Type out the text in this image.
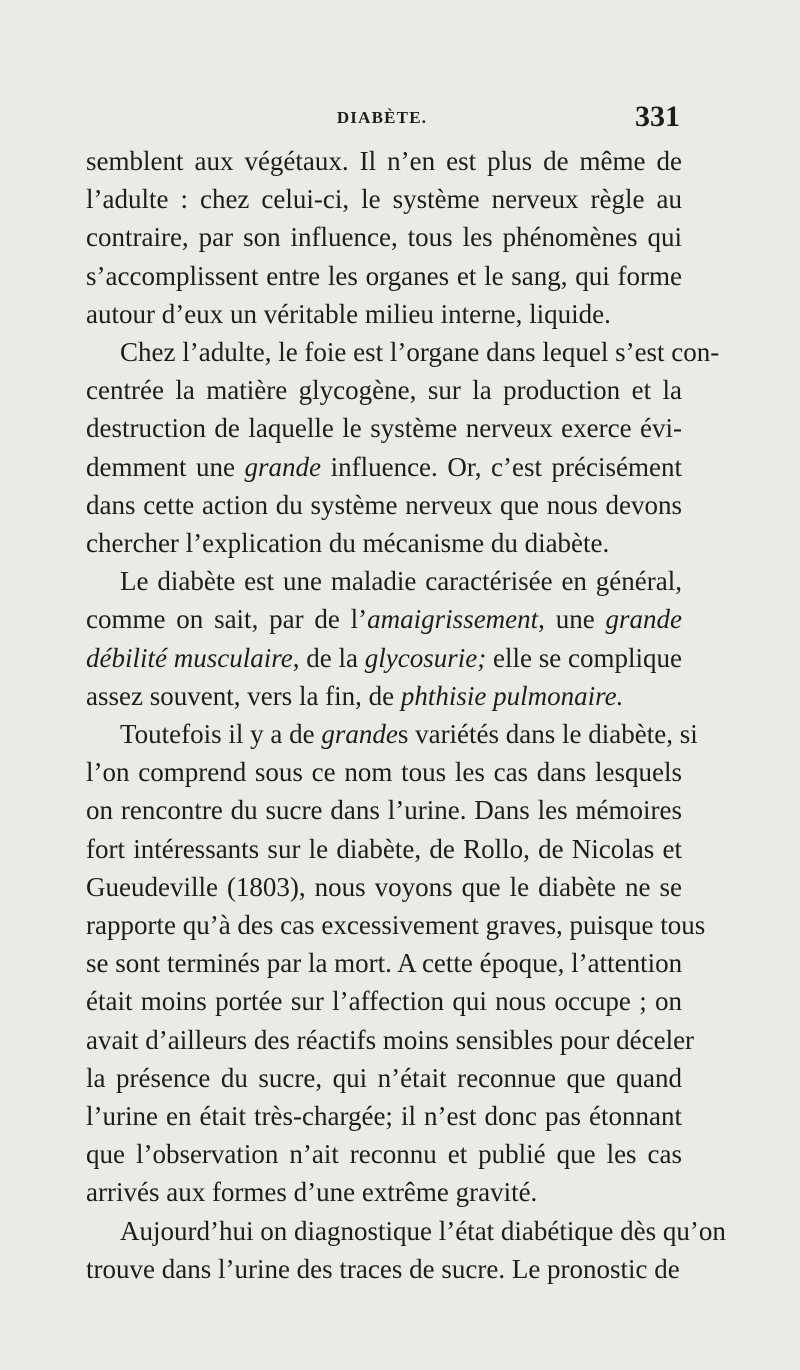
DIABÈTE.	331
semblent aux végétaux. Il n’en est plus de même de
l’adulte : chez celui-ci, le système nerveux règle au
contraire, par son influence, tous les phénomènes qui
s’accomplissent entre les organes et le sang, qui forme
autour d’eux un véritable milieu interne, liquide.
Chez l’adulte, le foie est l’organe dans lequel s’est con-
centrée la matière glycogène, sur la production et la
destruction de laquelle le système nerveux exerce évi-
demment une grande influence. Or, c’est précisément
dans cette action du système nerveux que nous devons
chercher l’explication du mécanisme du diabète.
Le diabète est une maladie caractérisée en général,
comme on sait, par de l’amaigrissement, une grande
débilité musculaire, de la glycosurie; elle se complique
assez souvent, vers la fin, de phthisie pulmonaire.
Toutefois il y a de grandes variétés dans le diabète, si
l’on comprend sous ce nom tous les cas dans lesquels
on rencontre du sucre dans l’urine. Dans les mémoires
fort intéressants sur le diabète, de Rollo, de Nicolas et
Gueudeville (1803), nous voyons que le diabète ne se
rapporte qu’à des cas excessivement graves, puisque tous
se sont terminés par la mort. A cette époque, l’attention
était moins portée sur l’affection qui nous occupe ; on
avait d’ailleurs des réactifs moins sensibles pour déceler
la présence du sucre, qui n’était reconnue que quand
l’urine en était très-chargée; il n’est donc pas étonnant
que l’observation n’ait reconnu et publié que les cas
arrivés aux formes d’une extrême gravité.
Aujourd’hui on diagnostique l’état diabétique dès qu’on
trouve dans l’urine des traces de sucre. Le pronostic de
